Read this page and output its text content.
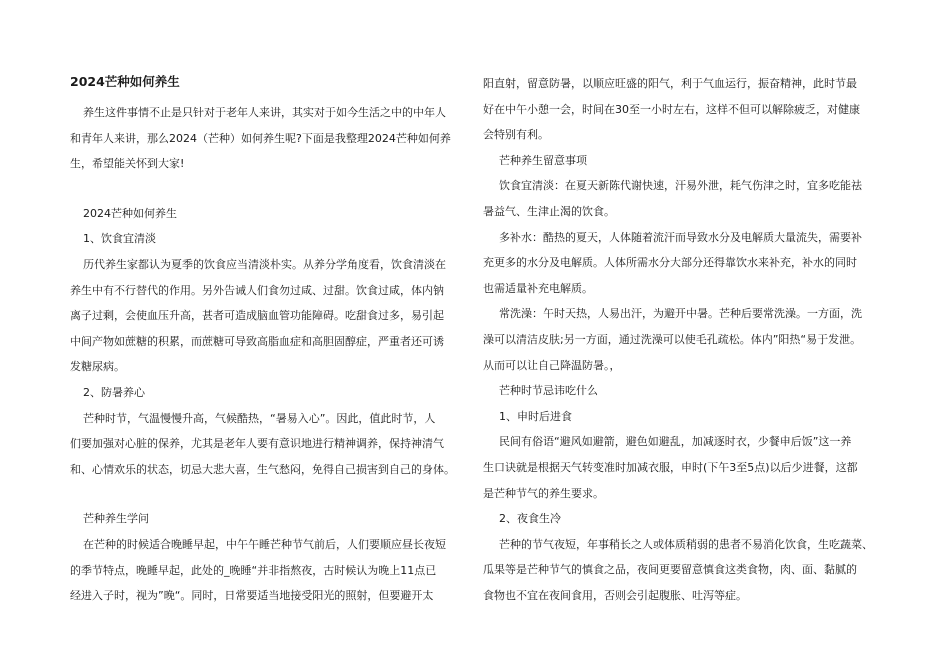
2024芒种如何养生

养生这件事情不止是只针对于老年人来讲，其实对于如今生活之中的中年人

和青年人来讲，那么2024（芒种）如何养生呢?下面是我整理2024芒种如何养

生，希望能关怀到大家!

2024芒种如何养生

1、饮食宜清淡

历代养生家都认为夏季的饮食应当清淡朴实。从养分学角度看，饮食清淡在

养生中有不行替代的作用。另外告诫人们食勿过咸、过甜。饮食过咸，体内钠

离子过剩，会使血压升高，甚者可造成脑血管功能障碍。吃甜食过多，易引起

中间产物如蔗糖的积累，而蔗糖可导致高脂血症和高胆固醇症，严重者还可诱

发糖尿病。

2、防暑养心

芒种时节，气温慢慢升高，气候酷热，“暑易入心”。因此，值此时节，人

们要加强对心脏的保养，尤其是老年人要有意识地进行精神调养，保持神清气

和、心情欢乐的状态，切忌大悲大喜，生气愁闷，免得自己损害到自己的身体。

芒种养生学问

在芒种的时候适合晚睡早起，中午午睡芒种节气前后，人们要顺应昼长夜短

的季节特点，晚睡早起，此处的_晚睡“并非指熬夜，古时候认为晚上11点已

经进入子时，视为”晚“。同时，日常要适当地接受阳光的照射，但要避开太

阳直射，留意防暑，以顺应旺盛的阳气，利于气血运行，振奋精神，此时节最

好在中午小憩一会，时间在30至一小时左右，这样不但可以解除疲乏，对健康

会特别有利。

芒种养生留意事项

饮食宜清淡：在夏天新陈代谢快速，汗易外泄，耗气伤津之时，宜多吃能祛

暑益气、生津止渴的饮食。

多补水：酷热的夏天，人体随着流汗而导致水分及电解质大量流失，需要补

充更多的水分及电解质。人体所需水分大部分还得靠饮水来补充，补水的同时

也需适量补充电解质。

常洗澡：午时天热，人易出汗，为避开中暑。芒种后要常洗澡。一方面，洗

澡可以清洁皮肤;另一方面，通过洗澡可以使毛孔疏松。体内”阳热“易于发泄。

从而可以让自己降温防暑。，

芒种时节忌讳吃什么

1、申时后进食

民间有俗语“避风如避箭，避色如避乱，加减逐时衣，少餐申后饭”这一养

生口诀就是根据天气转变准时加减衣服，申时(下午3至5点)以后少进餐，这都

是芒种节气的养生要求。

2、夜食生冷

芒种的节气夜短，年事稍长之人或体质稍弱的患者不易消化饮食，生吃蔬菜、

瓜果等是芒种节气的慎食之品，夜间更要留意慎食这类食物，肉、面、黏腻的

食物也不宜在夜间食用，否则会引起腹胀、吐泻等症。
